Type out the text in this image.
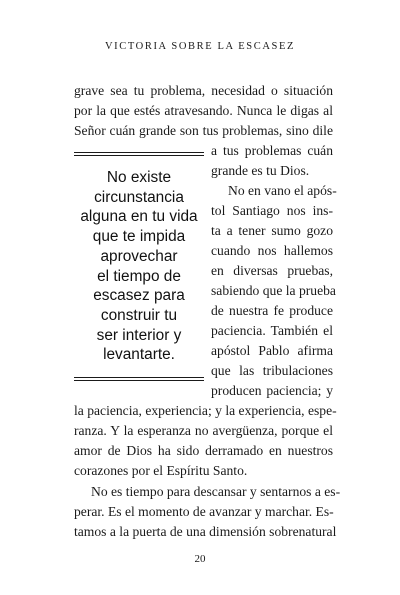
VICTORIA SOBRE LA ESCASEZ
grave sea tu problema, necesidad o situación
por la que estés atravesando. Nunca le digas al
Señor cuán grande son tus problemas, sino dile
a tus problemas cuán
grande es tu Dios.
No en vano el após-
tol Santiago nos ins-
ta a tener sumo gozo
cuando nos hallemos
en diversas pruebas,
sabiendo que la prueba
de nuestra fe produce
paciencia. También el
apóstol Pablo afirma
que las tribulaciones
producen paciencia; y
la paciencia, experiencia; y la experiencia, espe-
ranza. Y la esperanza no avergüenza, porque el
amor de Dios ha sido derramado en nuestros
corazones por el Espíritu Santo.
No es tiempo para descansar y sentarnos a es-
perar. Es el momento de avanzar y marchar. Es-
tamos a la puerta de una dimensión sobrenatural
No existe
circunstancia
alguna en tu vida
que te impida
aprovechar
el tiempo de
escasez para
construir tu
ser interior y
levantarte.
20
